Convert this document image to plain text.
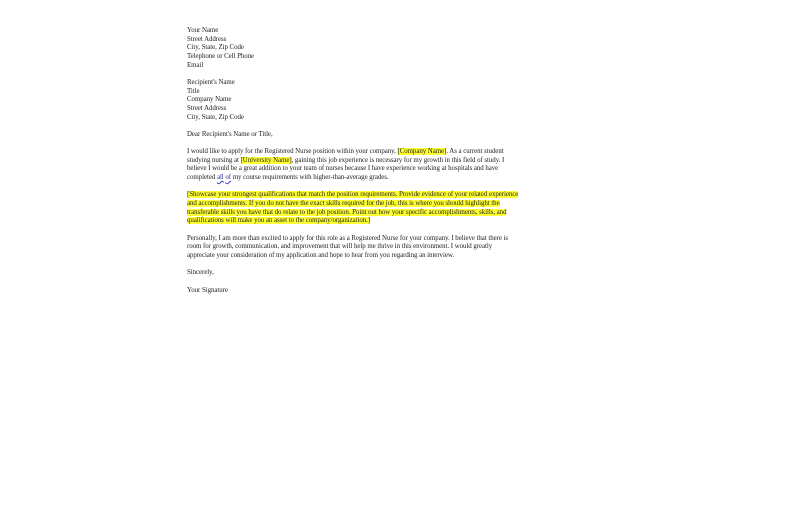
Your Name
Street Address
City, State, Zip Code
Telephone or Cell Phone
Email
Recipient's Name
Title
Company Name
Street Address
City, State, Zip Code
Dear Recipient's Name or Title,
I would like to apply for the Registered Nurse position within your company, [Company Name]. As a current student
studying nursing at [University Name], gaining this job experience is necessary for my growth in this field of study. I
believe I would be a great addition to your team of nurses because I have experience working at hospitals and have
completed all of my course requirements with higher-than-average grades.
[Showcase your strongest qualifications that match the position requirements. Provide evidence of your related experience
and accomplishments. If you do not have the exact skills required for the job, this is where you should highlight the
transferable skills you have that do relate to the job position. Point out how your specific accomplishments, skills, and
qualifications will make you an asset to the company/organization.]
Personally, I am more than excited to apply for this role as a Registered Nurse for your company. I believe that there is
room for growth, communication, and improvement that will help me thrive in this environment. I would greatly
appreciate your consideration of my application and hope to hear from you regarding an interview.
Sincerely,
Your Signature
